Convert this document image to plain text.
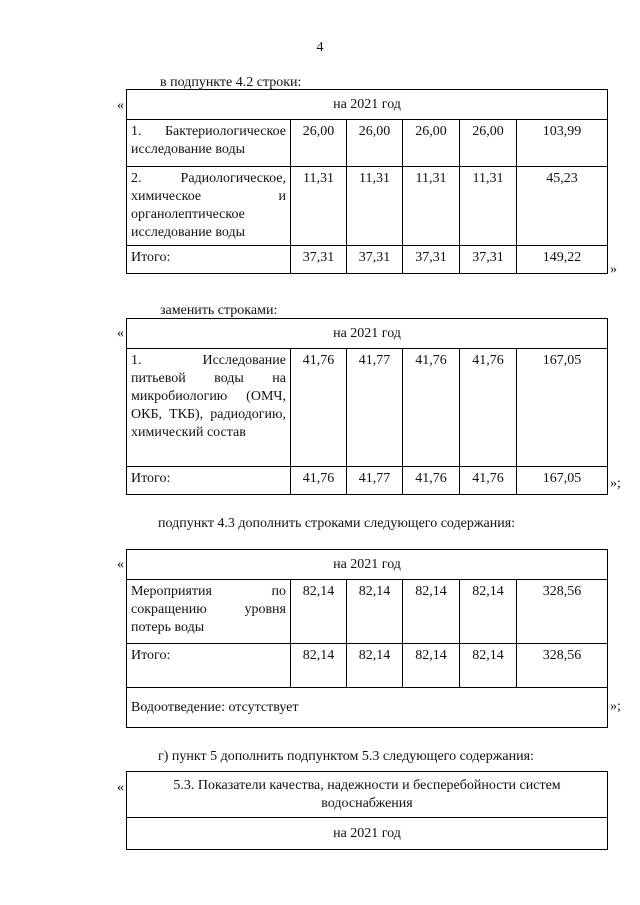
4
в подпункте 4.2 строки:
«	на 2021 год					
1. Бактериологическое исследование воды	26,00	26,00	26,00	26,00	103,99
2. Радиологическое, химическое и органолептическое исследование воды	11,31	11,31	11,31	11,31	45,23
Итого:	37,31	37,31	37,31	37,31	149,22
»
заменить строками:
«	на 2021 год					
1. Исследование питьевой воды на микробиологию (ОМЧ, ОКБ, ТКБ), радиодогию, химический состав	41,76	41,77	41,76	41,76	167,05
Итого:	41,76	41,77	41,76	41,76	167,05 »;
подпункт 4.3 дополнить строками следующего содержания:
«	на 2021 год					
Мероприятия по сокращению уровня потерь воды	82,14	82,14	82,14	82,14	328,56
Итого:	82,14	82,14	82,14	82,14	328,56
Водоотведение: отсутствует						»;
г) пункт 5 дополнить подпунктом 5.3 следующего содержания:
«	5.3. Показатели качества, надежности и бесперебойности систем водоснабжения
на 2021 год
